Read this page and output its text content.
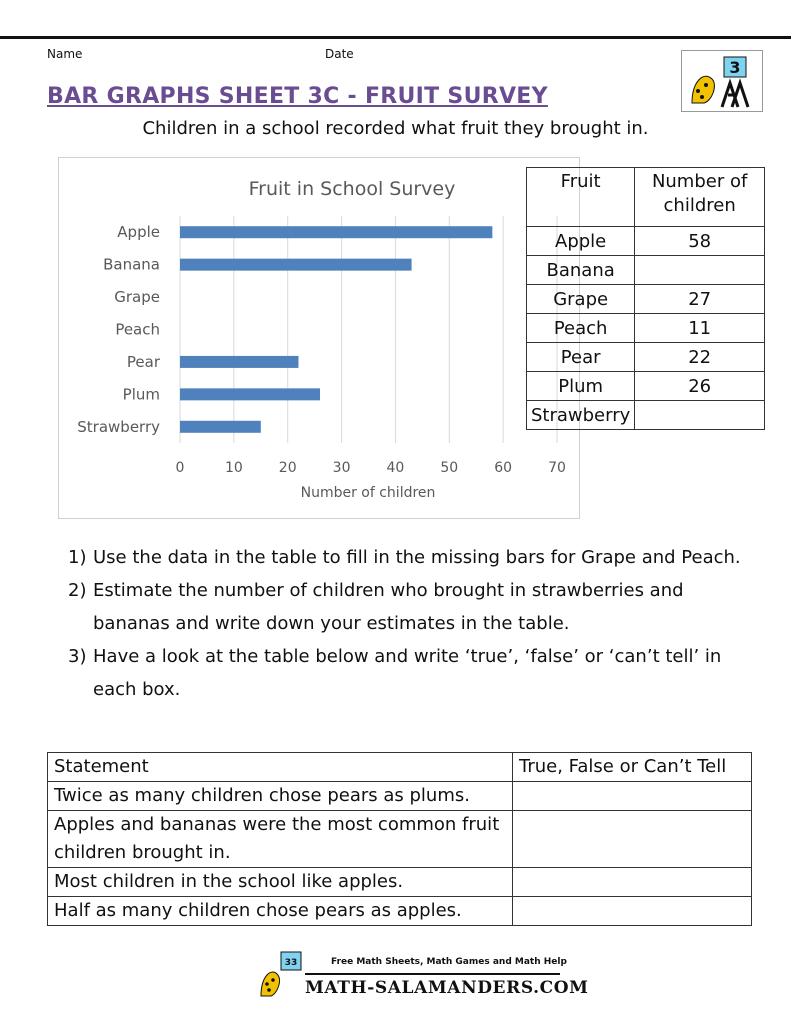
Name	Date
3
BAR GRAPHS SHEET 3C - FRUIT SURVEY
Children in a school recorded what fruit they brought in.
Fruit in School Survey
0	10	20	30	40	50	60	70
Apple
Banana
Grape
Peach
Pear
Plum
Strawberry
Number of children
Fruit	Number of children
Apple	58
Banana	
Grape	27
Peach	11
Pear	22
Plum	26
Strawberry	
1) Use the data in the table to fill in the missing bars for Grape and Peach.
2) Estimate the number of children who brought in strawberries and bananas and write down your estimates in the table.
3) Have a look at the table below and write ‘true’, ‘false’ or ‘can’t tell’ in each box.
Statement	True, False or Can’t Tell
Twice as many children chose pears as plums.	
Apples and bananas were the most common fruit children brought in.	
Most children in the school like apples.	
Half as many children chose pears as apples.	
33	Free Math Sheets, Math Games and Math Help
MATH-SALAMANDERS.COM
